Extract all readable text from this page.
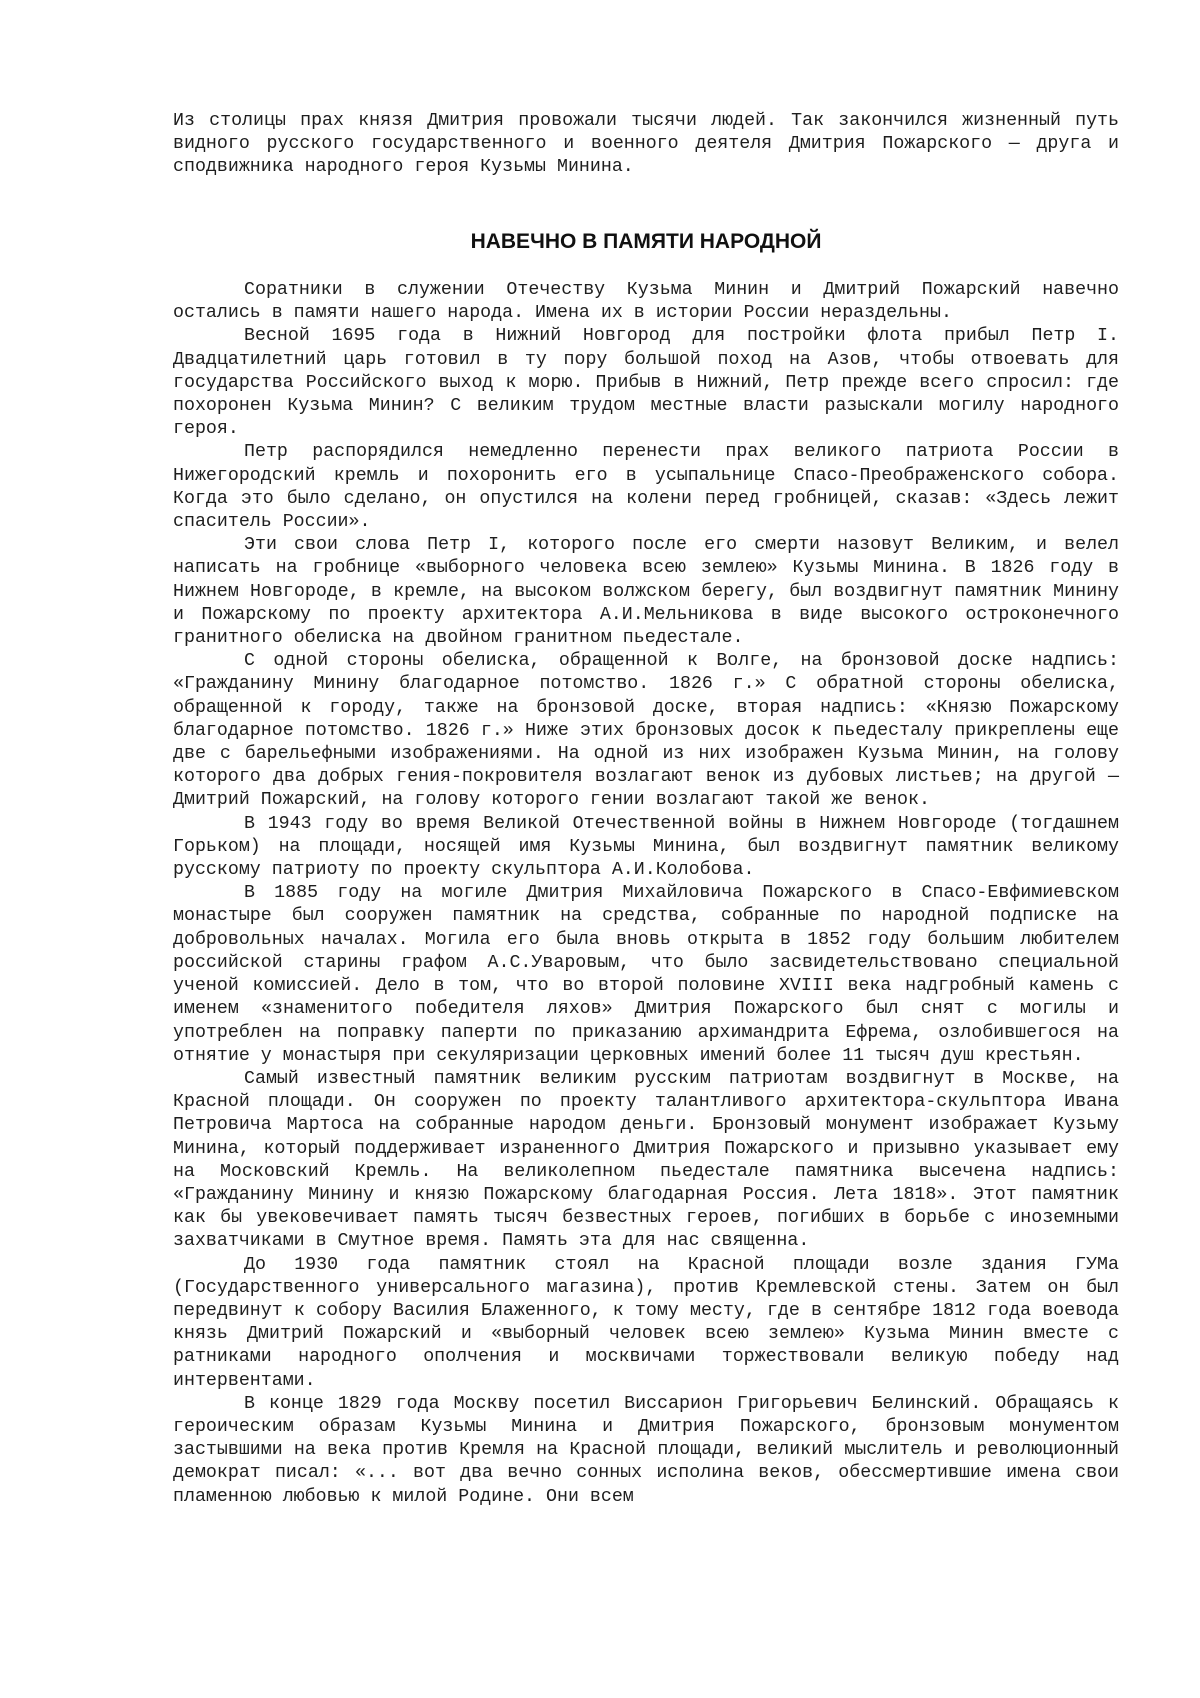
Из столицы прах князя Дмитрия провожали тысячи людей. Так закончился жизненный путь видного русского государственного и военного деятеля Дмитрия Пожарского — друга и сподвижника народного героя Кузьмы Минина.

НАВЕЧНО В ПАМЯТИ НАРОДНОЙ

Соратники в служении Отечеству Кузьма Минин и Дмитрий Пожарский навечно остались в памяти нашего народа. Имена их в истории России нераздельны.

Весной 1695 года в Нижний Новгород для постройки флота прибыл Петр I. Двадцатилетний царь готовил в ту пору большой поход на Азов, чтобы отвоевать для государства Российского выход к морю. Прибыв в Нижний, Петр прежде всего спросил: где похоронен Кузьма Минин? С великим трудом местные власти разыскали могилу народного героя.

Петр распорядился немедленно перенести прах великого патриота России в Нижегородский кремль и похоронить его в усыпальнице Спасо-Преображенского собора. Когда это было сделано, он опустился на колени перед гробницей, сказав: «Здесь лежит спаситель России».

Эти свои слова Петр I, которого после его смерти назовут Великим, и велел написать на гробнице «выборного человека всею землею» Кузьмы Минина. В 1826 году в Нижнем Новгороде, в кремле, на высоком волжском берегу, был воздвигнут памятник Минину и Пожарскому по проекту архитектора А.И.Мельникова в виде высокого остроконечного гранитного обелиска на двойном гранитном пьедестале.

С одной стороны обелиска, обращенной к Волге, на бронзовой доске надпись: «Гражданину Минину благодарное потомство. 1826 г.» С обратной стороны обелиска, обращенной к городу, также на бронзовой доске, вторая надпись: «Князю Пожарскому благодарное потомство. 1826 г.» Ниже этих бронзовых досок к пьедесталу прикреплены еще две с барельефными изображениями. На одной из них изображен Кузьма Минин, на голову которого два добрых гения-покровителя возлагают венок из дубовых листьев; на другой — Дмитрий Пожарский, на голову которого гении возлагают такой же венок.

В 1943 году во время Великой Отечественной войны в Нижнем Новгороде (тогдашнем Горьком) на площади, носящей имя Кузьмы Минина, был воздвигнут памятник великому русскому патриоту по проекту скульптора А.И.Колобова.

В 1885 году на могиле Дмитрия Михайловича Пожарского в Спасо-Евфимиевском монастыре был сооружен памятник на средства, собранные по народной подписке на добровольных началах. Могила его была вновь открыта в 1852 году большим любителем российской старины графом А.С.Уваровым, что было засвидетельствовано специальной ученой комиссией. Дело в том, что во второй половине XVIII века надгробный камень с именем «знаменитого победителя ляхов» Дмитрия Пожарского был снят с могилы и употреблен на поправку паперти по приказанию архимандрита Ефрема, озлобившегося на отнятие у монастыря при секуляризации церковных имений более 11 тысяч душ крестьян.

Самый известный памятник великим русским патриотам воздвигнут в Москве, на Красной площади. Он сооружен по проекту талантливого архитектора-скульптора Ивана Петровича Мартоса на собранные народом деньги. Бронзовый монумент изображает Кузьму Минина, который поддерживает израненного Дмитрия Пожарского и призывно указывает ему на Московский Кремль. На великолепном пьедестале памятника высечена надпись: «Гражданину Минину и князю Пожарскому благодарная Россия. Лета 1818». Этот памятник как бы увековечивает память тысяч безвестных героев, погибших в борьбе с иноземными захватчиками в Смутное время. Память эта для нас священна.

До 1930 года памятник стоял на Красной площади возле здания ГУМа (Государственного универсального магазина), против Кремлевской стены. Затем он был передвинут к собору Василия Блаженного, к тому месту, где в сентябре 1812 года воевода князь Дмитрий Пожарский и «выборный человек всею землею» Кузьма Минин вместе с ратниками народного ополчения и москвичами торжествовали великую победу над интервентами.

В конце 1829 года Москву посетил Виссарион Григорьевич Белинский. Обращаясь к героическим образам Кузьмы Минина и Дмитрия Пожарского, бронзовым монументом застывшими на века против Кремля на Красной площади, великий мыслитель и революционный демократ писал: «... вот два вечно сонных исполина веков, обессмертившие имена свои пламенною любовью к милой Родине. Они всем
